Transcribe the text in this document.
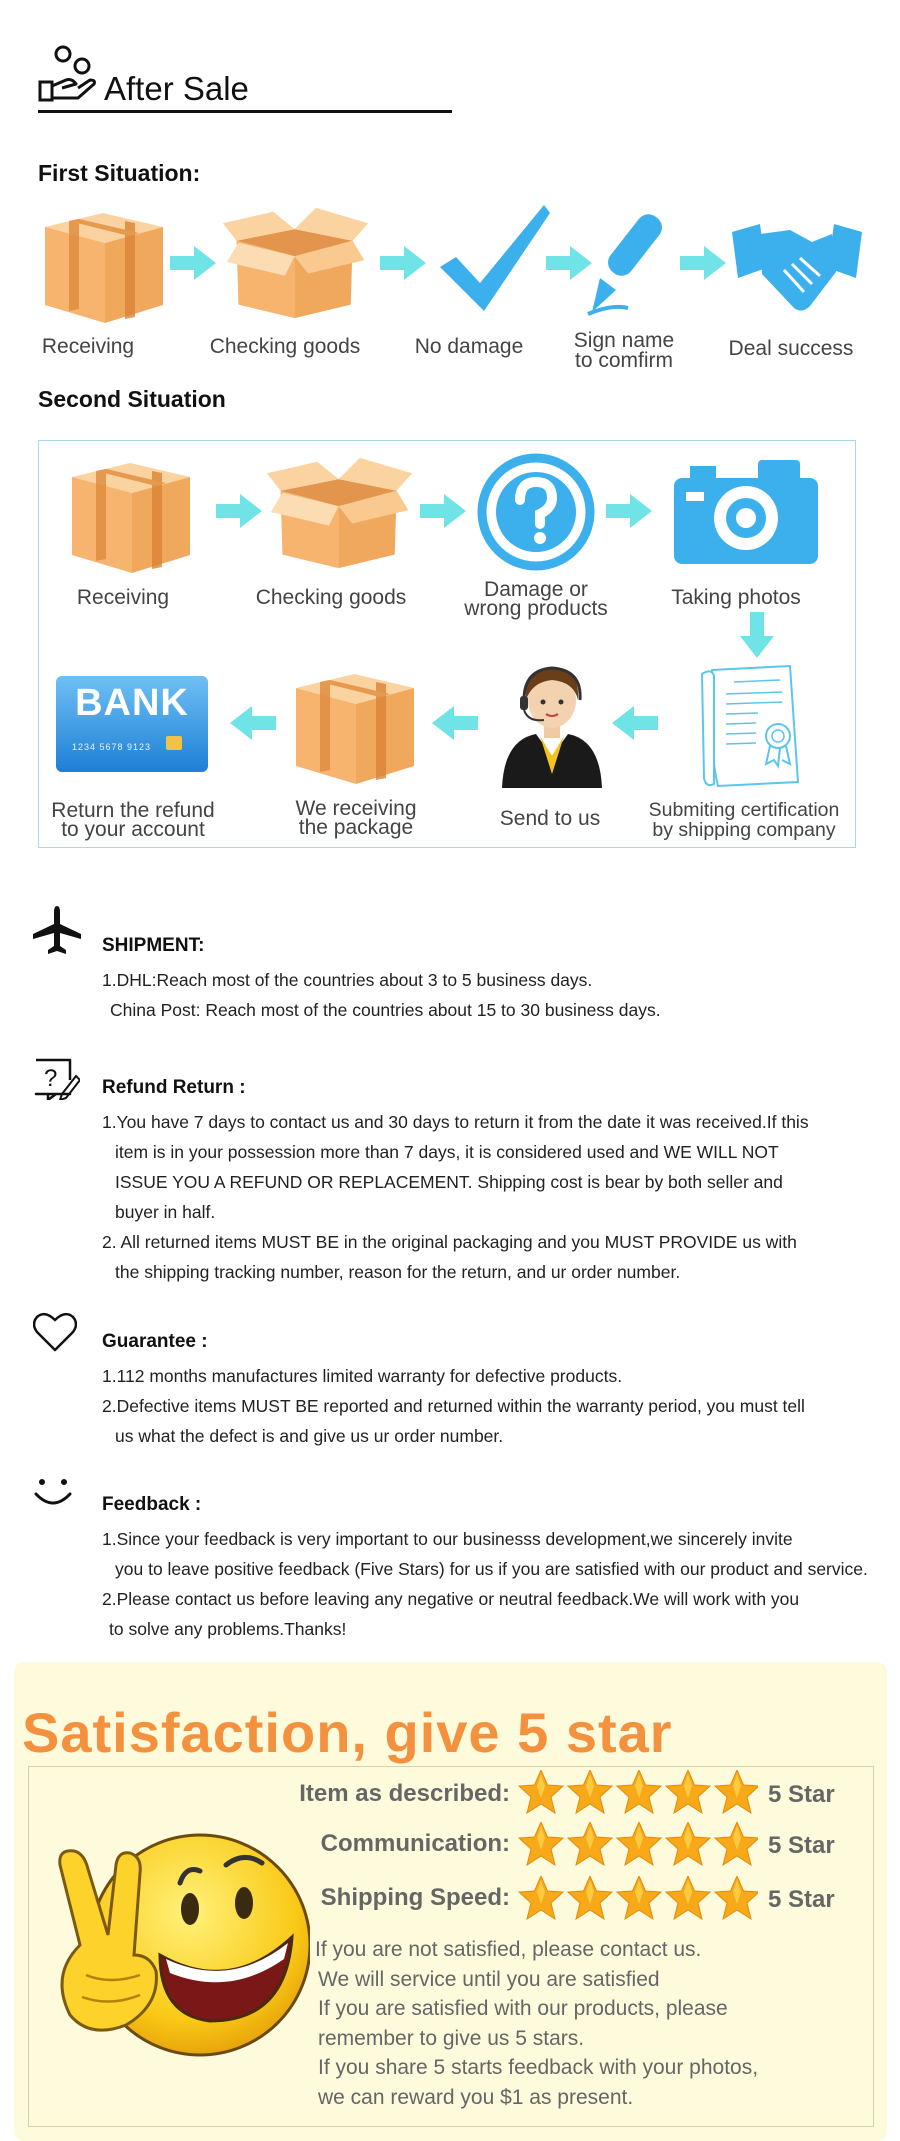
After Sale
First Situation:
Receiving	Checking goods	No damage	Sign name
to comfirm
Deal success
Second Situation
Receiving	Checking goods	Damage or
wrong products	Taking photos
BANK
1234 5678 9123
Return the refund
to your account
We receiving
the package	Send to us	Submiting certification
by shipping company
SHIPMENT:
1.DHL:Reach most of the countries about 3 to 5 business days.
China Post: Reach most of the countries about 15 to 30 business days.
? Refund Return :
1.You have 7 days to contact us and 30 days to return it from the date it was received.If this
item is in your possession more than 7 days, it is considered used and WE WILL NOT
ISSUE YOU A REFUND OR REPLACEMENT. Shipping cost is bear by both seller and
buyer in half.
2. All returned items MUST BE in the original packaging and you MUST PROVIDE us with
the shipping tracking number, reason for the return, and ur order number.
Guarantee :
1.112 months manufactures limited warranty for defective products.
2.Defective items MUST BE reported and returned within the warranty period, you must tell
us what the defect is and give us ur order number.
Feedback :
1.Since your feedback is very important to our businesss development,we sincerely invite
you to leave positive feedback (Five Stars) for us if you are satisfied with our product and service.
2.Please contact us before leaving any negative or neutral feedback.We will work with you
to solve any problems.Thanks!
Satisfaction, give 5 star
Item as described:	5 Star
Communication:	5 Star
Shipping Speed:	5 Star
If you are not satisfied, please contact us.
We will service until you are satisfied
If you are satisfied with our products, please
remember to give us 5 stars.
If you share 5 starts feedback with your photos,
we can reward you $1 as present.
